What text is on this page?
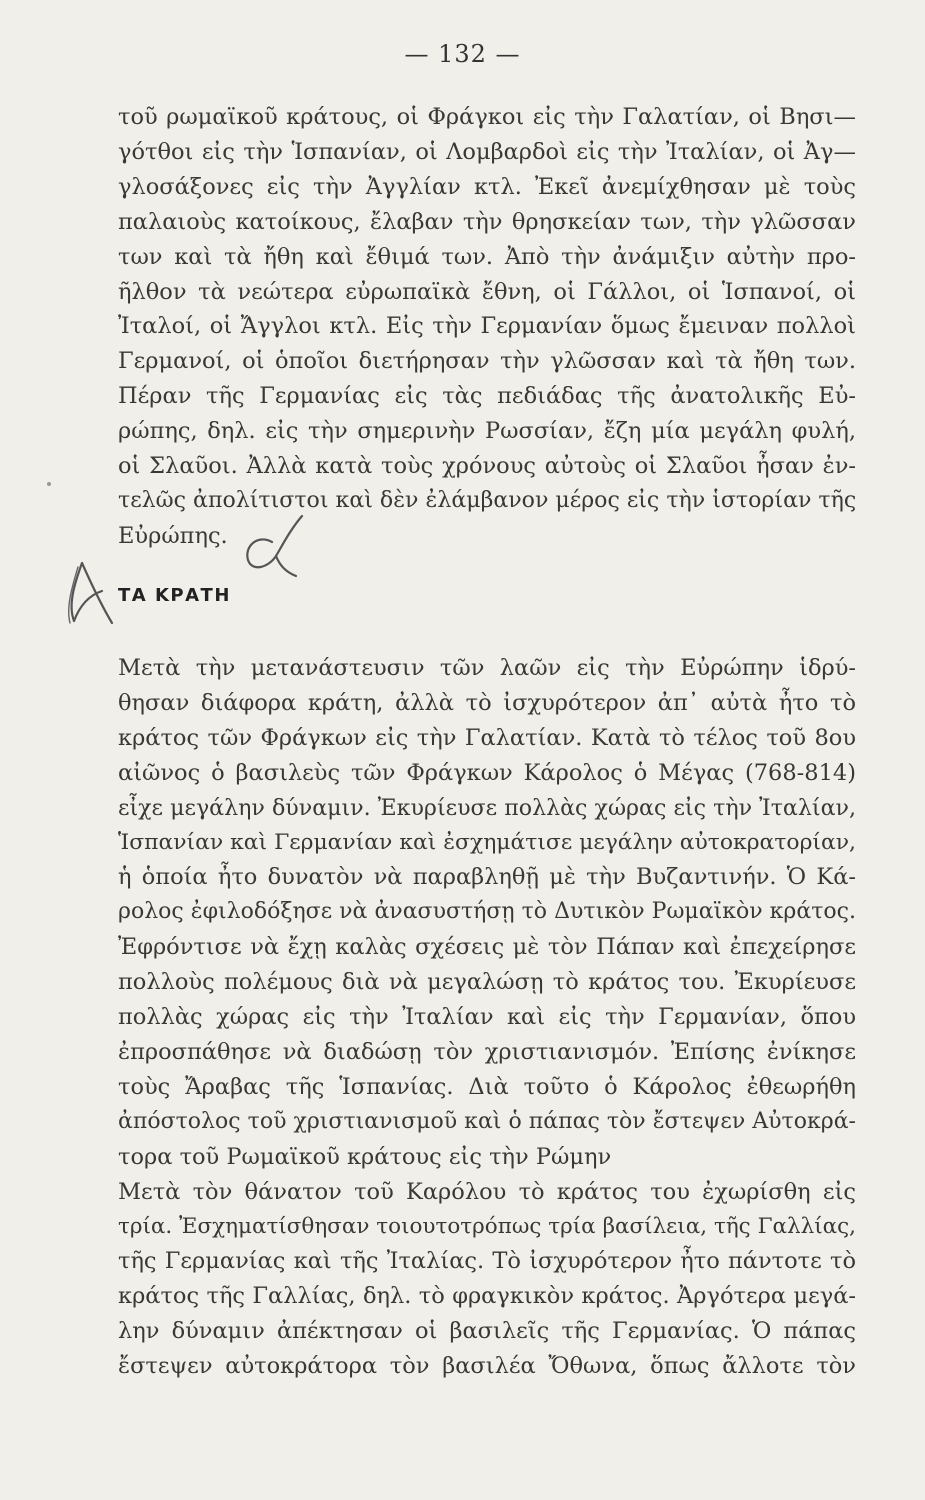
— 132 —
τοῦ ρωμαϊκοῦ κράτους, οἱ Φράγκοι εἰς τὴν Γαλατίαν, οἱ Βησι—
γότθοι εἰς τὴν Ἱσπανίαν, οἱ Λομβαρδοὶ εἰς τὴν Ἰταλίαν, οἱ Ἀγ—
γλοσάξονες εἰς τὴν Ἀγγλίαν κτλ. Ἐκεῖ ἀνεμίχθησαν μὲ τοὺς
παλαιοὺς κατοίκους, ἔλαβαν τὴν θρησκείαν των, τὴν γλῶσσαν
των καὶ τὰ ἤθη καὶ ἔθιμά των. Ἀπὸ τὴν ἀνάμιξιν αὐτὴν προ-
ῆλθον τὰ νεώτερα εὐρωπαϊκὰ ἔθνη, οἱ Γάλλοι, οἱ Ἱσπανοί, οἱ
Ἰταλοί, οἱ Ἄγγλοι κτλ. Εἰς τὴν Γερμανίαν ὅμως ἔμειναν πολλοὶ
Γερμανοί, οἱ ὁποῖοι διετήρησαν τὴν γλῶσσαν καὶ τὰ ἤθη των.
Πέραν τῆς Γερμανίας εἰς τὰς πεδιάδας τῆς ἀνατολικῆς Εὐ-
ρώπης, δηλ. εἰς τὴν σημερινὴν Ρωσσίαν, ἔζη μία μεγάλη φυλή,
οἱ Σλαῦοι. Ἀλλὰ κατὰ τοὺς χρόνους αὐτοὺς οἱ Σλαῦοι ἦσαν ἐν-
τελῶς ἀπολίτιστοι καὶ δὲν ἐλάμβανον μέρος εἰς τὴν ἱστορίαν τῆς
Εὐρώπης.
ΤΑ ΚΡΑΤΗ
Μετὰ τὴν μετανάστευσιν τῶν λαῶν εἰς τὴν Εὐρώπην ἱδρύ-
θησαν διάφορα κράτη, ἀλλὰ τὸ ἰσχυρότερον ἀπ᾽ αὐτὰ ἦτο τὸ
κράτος τῶν Φράγκων εἰς τὴν Γαλατίαν. Κατὰ τὸ τέλος τοῦ 8ου
αἰῶνος ὁ βασιλεὺς τῶν Φράγκων Κάρολος ὁ Μέγας (768-814)
εἶχε μεγάλην δύναμιν. Ἐκυρίευσε πολλὰς χώρας εἰς τὴν Ἰταλίαν,
Ἱσπανίαν καὶ Γερμανίαν καὶ ἐσχημάτισε μεγάλην αὐτοκρατορίαν,
ἡ ὁποία ἦτο δυνατὸν νὰ παραβληθῇ μὲ τὴν Βυζαντινήν. Ὁ Κά-
ρολος ἐφιλοδόξησε νὰ ἀνασυστήσῃ τὸ Δυτικὸν Ρωμαϊκὸν κράτος.
Ἐφρόντισε νὰ ἔχῃ καλὰς σχέσεις μὲ τὸν Πάπαν καὶ ἐπεχείρησε
πολλοὺς πολέμους διὰ νὰ μεγαλώσῃ τὸ κράτος του. Ἐκυρίευσε
πολλὰς χώρας εἰς τὴν Ἰταλίαν καὶ εἰς τὴν Γερμανίαν, ὅπου
ἐπροσπάθησε νὰ διαδώσῃ τὸν χριστιανισμόν. Ἐπίσης ἐνίκησε
τοὺς Ἄραβας τῆς Ἱσπανίας. Διὰ τοῦτο ὁ Κάρολος ἐθεωρήθη
ἀπόστολος τοῦ χριστιανισμοῦ καὶ ὁ πάπας τὸν ἔστεψεν Αὐτοκρά-
τορα τοῦ Ρωμαϊκοῦ κράτους εἰς τὴν Ρώμην
Μετὰ τὸν θάνατον τοῦ Καρόλου τὸ κράτος του ἐχωρίσθη εἰς
τρία. Ἐσχηματίσθησαν τοιουτοτρόπως τρία βασίλεια, τῆς Γαλλίας,
τῆς Γερμανίας καὶ τῆς Ἰταλίας. Τὸ ἰσχυρότερον ἦτο πάντοτε τὸ
κράτος τῆς Γαλλίας, δηλ. τὸ φραγκικὸν κράτος. Ἀργότερα μεγά-
λην δύναμιν ἀπέκτησαν οἱ βασιλεῖς τῆς Γερμανίας. Ὁ πάπας
ἔστεψεν αὐτοκράτορα τὸν βασιλέα Ὄθωνα, ὅπως ἄλλοτε τὸν
